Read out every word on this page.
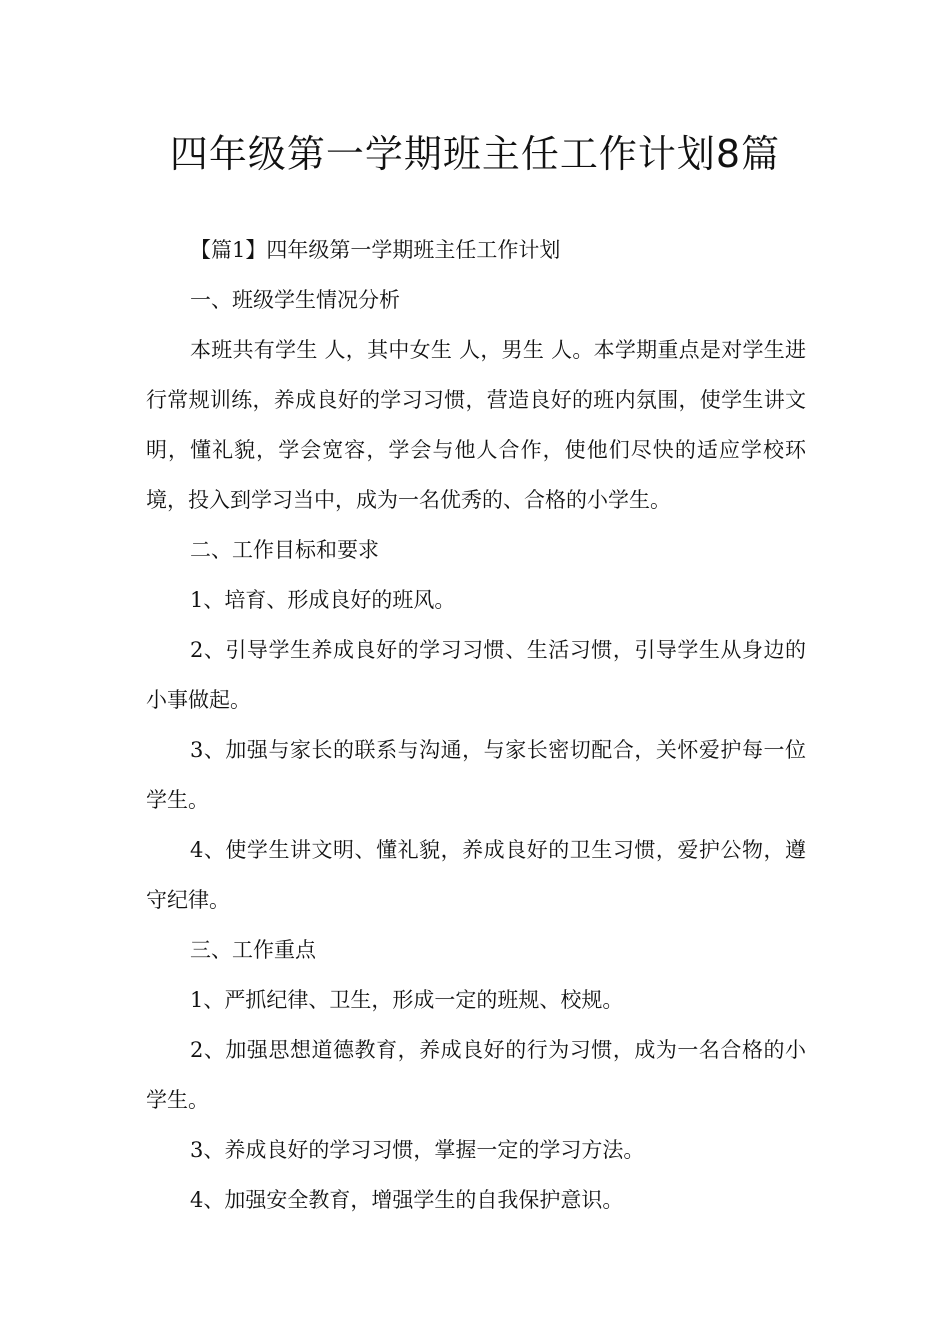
四年级第一学期班主任工作计划8篇

【篇1】四年级第一学期班主任工作计划

一、班级学生情况分析

本班共有学生 人，其中女生 人，男生 人。本学期重点是对学生进行常规训练，养成良好的学习习惯，营造良好的班内氛围，使学生讲文明，懂礼貌，学会宽容，学会与他人合作，使他们尽快的适应学校环境，投入到学习当中，成为一名优秀的、合格的小学生。

二、工作目标和要求

1、培育、形成良好的班风。

2、引导学生养成良好的学习习惯、生活习惯，引导学生从身边的小事做起。

3、加强与家长的联系与沟通，与家长密切配合，关怀爱护每一位学生。

4、使学生讲文明、懂礼貌，养成良好的卫生习惯，爱护公物，遵守纪律。

三、工作重点

1、严抓纪律、卫生，形成一定的班规、校规。

2、加强思想道德教育，养成良好的行为习惯，成为一名合格的小学生。

3、养成良好的学习习惯，掌握一定的学习方法。

4、加强安全教育，增强学生的自我保护意识。
